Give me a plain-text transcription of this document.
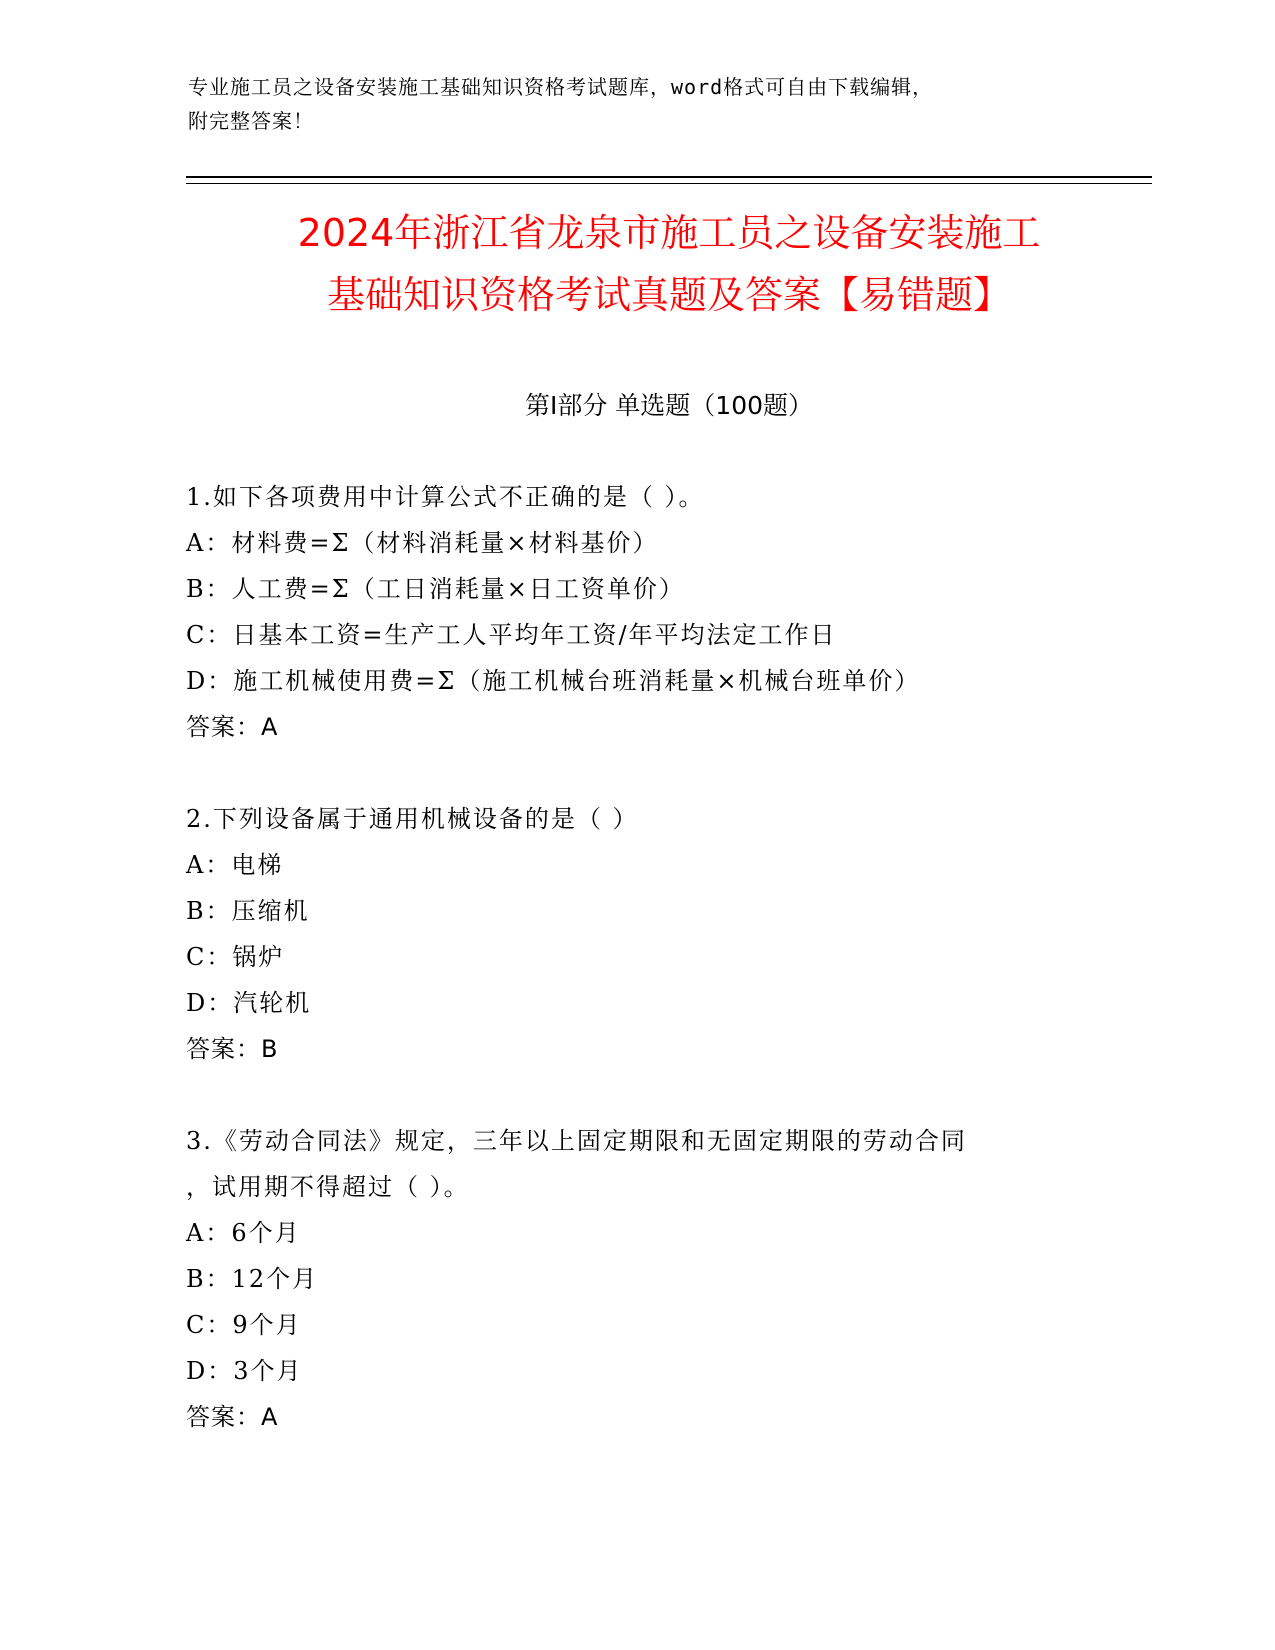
专业施工员之设备安装施工基础知识资格考试题库，word格式可自由下载编辑，
附完整答案！
2024年浙江省龙泉市施工员之设备安装施工
基础知识资格考试真题及答案【易错题】
第Ⅰ部分 单选题（100题）
1.如下各项费用中计算公式不正确的是（ ）。
A：材料费=Σ（材料消耗量×材料基价）
B：人工费=Σ（工日消耗量×日工资单价）
C：日基本工资=生产工人平均年工资/年平均法定工作日
D：施工机械使用费=Σ（施工机械台班消耗量×机械台班单价）
答案：A
2.下列设备属于通用机械设备的是（ ）
A：电梯
B：压缩机
C：锅炉
D：汽轮机
答案：B
3.《劳动合同法》规定，三年以上固定期限和无固定期限的劳动合同
，试用期不得超过（ ）。
A：6个月
B：12个月
C：9个月
D：3个月
答案：A
